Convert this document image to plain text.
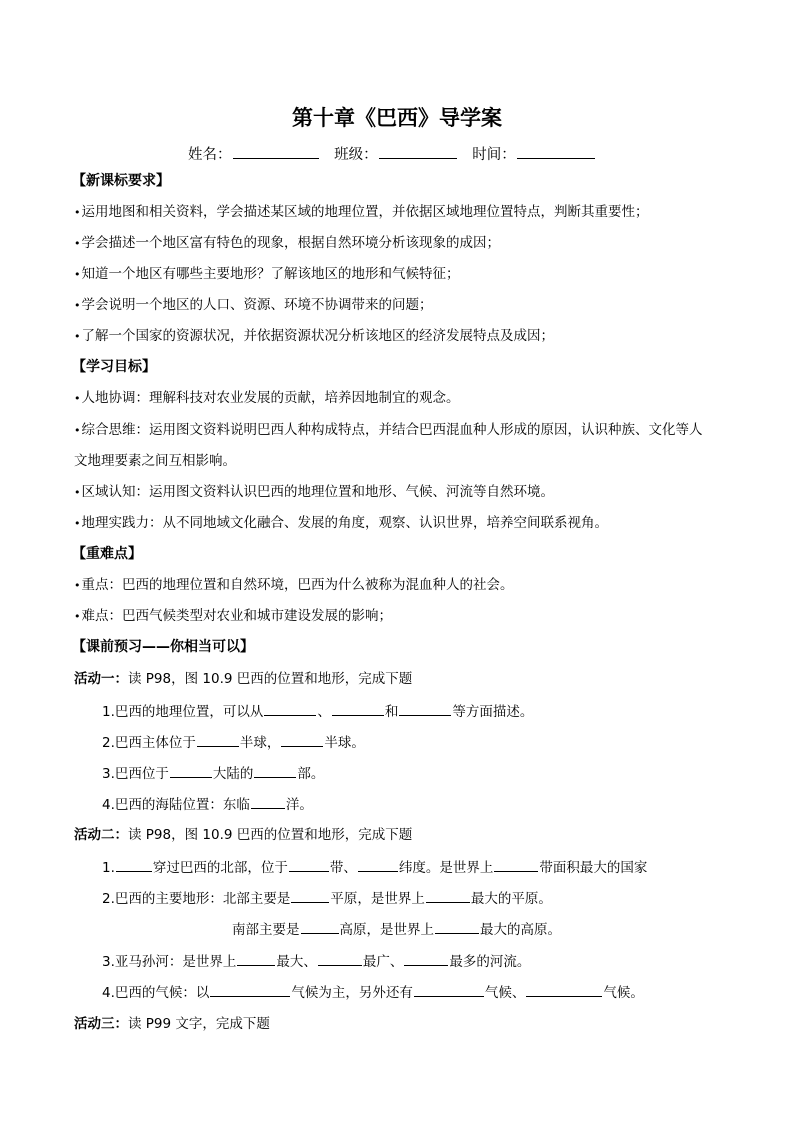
第十章《巴西》导学案
姓名：	班级：	时间：
【新课标要求】
•运用地图和相关资料，学会描述某区域的地理位置，并依据区域地理位置特点，判断其重要性；
•学会描述一个地区富有特色的现象，根据自然环境分析该现象的成因；
•知道一个地区有哪些主要地形？了解该地区的地形和气候特征；
•学会说明一个地区的人口、资源、环境不协调带来的问题；
•了解一个国家的资源状况，并依据资源状况分析该地区的经济发展特点及成因；
【学习目标】
•人地协调：理解科技对农业发展的贡献，培养因地制宜的观念。
•综合思维：运用图文资料说明巴西人种构成特点，并结合巴西混血种人形成的原因，认识种族、文化等人
文地理要素之间互相影响。
•区域认知：运用图文资料认识巴西的地理位置和地形、气候、河流等自然环境。
•地理实践力：从不同地域文化融合、发展的角度，观察、认识世界，培养空间联系视角。
【重难点】
•重点：巴西的地理位置和自然环境，巴西为什么被称为混血种人的社会。
•难点：巴西气候类型对农业和城市建设发展的影响；
【课前预习——你相当可以】
活动一：读 P98，图 10.9 巴西的位置和地形，完成下题
1.巴西的地理位置，可以从	、	和	等方面描述。
2.巴西主体位于	半球，	半球。
3.巴西位于	大陆的	部。
4.巴西的海陆位置：东临	洋。
活动二：读 P98，图 10.9 巴西的位置和地形，完成下题
1.	穿过巴西的北部，位于	带、	纬度。是世界上	带面积最大的国家
2.巴西的主要地形：北部主要是	平原，是世界上	最大的平原。
南部主要是	高原，是世界上	最大的高原。
3.亚马孙河：是世界上	最大、	最广、	最多的河流。
4.巴西的气候：以	气候为主，另外还有	气候、	气候。
活动三：读 P99 文字，完成下题
